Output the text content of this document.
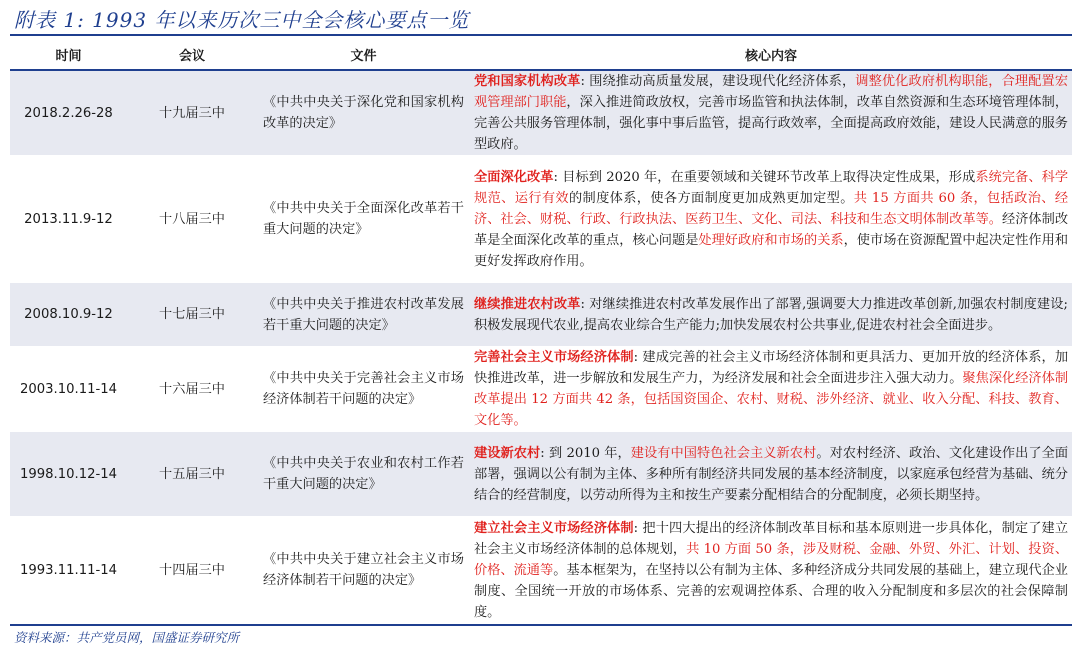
附表 1: 1993 年以来历次三中全会核心要点一览
时间	会议	文件	核心内容
2018.2.26-28	十九届三中	《中共中央关于深化党和国家机构改革的决定》	党和国家机构改革: 围绕推动高质量发展，建设现代化经济体系，调整优化政府机构职能，合理配置宏观管理部门职能，深入推进简政放权，完善市场监管和执法体制，改革自然资源和生态环境管理体制，完善公共服务管理体制，强化事中事后监管，提高行政效率，全面提高政府效能，建设人民满意的服务型政府。
2013.11.9-12	十八届三中	《中共中央关于全面深化改革若干重大问题的决定》	全面深化改革: 目标到 2020 年，在重要领域和关键环节改革上取得决定性成果，形成系统完备、科学规范、运行有效的制度体系，使各方面制度更加成熟更加定型。共 15 方面共 60 条，包括政治、经济、社会、财税、行政、行政执法、医药卫生、文化、司法、科技和生态文明体制改革等。经济体制改革是全面深化改革的重点，核心问题是处理好政府和市场的关系，使市场在资源配置中起决定性作用和更好发挥政府作用。
2008.10.9-12	十七届三中	《中共中央关于推进农村改革发展若干重大问题的决定》	继续推进农村改革: 对继续推进农村改革发展作出了部署,强调要大力推进改革创新,加强农村制度建设;积极发展现代农业,提高农业综合生产能力;加快发展农村公共事业,促进农村社会全面进步。
2003.10.11-14	十六届三中	《中共中央关于完善社会主义市场经济体制若干问题的决定》	完善社会主义市场经济体制: 建成完善的社会主义市场经济体制和更具活力、更加开放的经济体系，加快推进改革，进一步解放和发展生产力，为经济发展和社会全面进步注入强大动力。聚焦深化经济体制改革提出 12 方面共 42 条，包括国资国企、农村、财税、涉外经济、就业、收入分配、科技、教育、文化等。
1998.10.12-14	十五届三中	《中共中央关于农业和农村工作若干重大问题的决定》	建设新农村: 到 2010 年，建设有中国特色社会主义新农村。对农村经济、政治、文化建设作出了全面部署，强调以公有制为主体、多种所有制经济共同发展的基本经济制度，以家庭承包经营为基础、统分结合的经营制度，以劳动所得为主和按生产要素分配相结合的分配制度，必须长期坚持。
1993.11.11-14	十四届三中	《中共中央关于建立社会主义市场经济体制若干问题的决定》	建立社会主义市场经济体制: 把十四大提出的经济体制改革目标和基本原则进一步具体化，制定了建立社会主义市场经济体制的总体规划，共 10 方面 50 条，涉及财税、金融、外贸、外汇、计划、投资、价格、流通等。基本框架为，在坚持以公有制为主体、多种经济成分共同发展的基础上，建立现代企业制度、全国统一开放的市场体系、完善的宏观调控体系、合理的收入分配制度和多层次的社会保障制度。
资料来源：共产党员网，国盛证券研究所
